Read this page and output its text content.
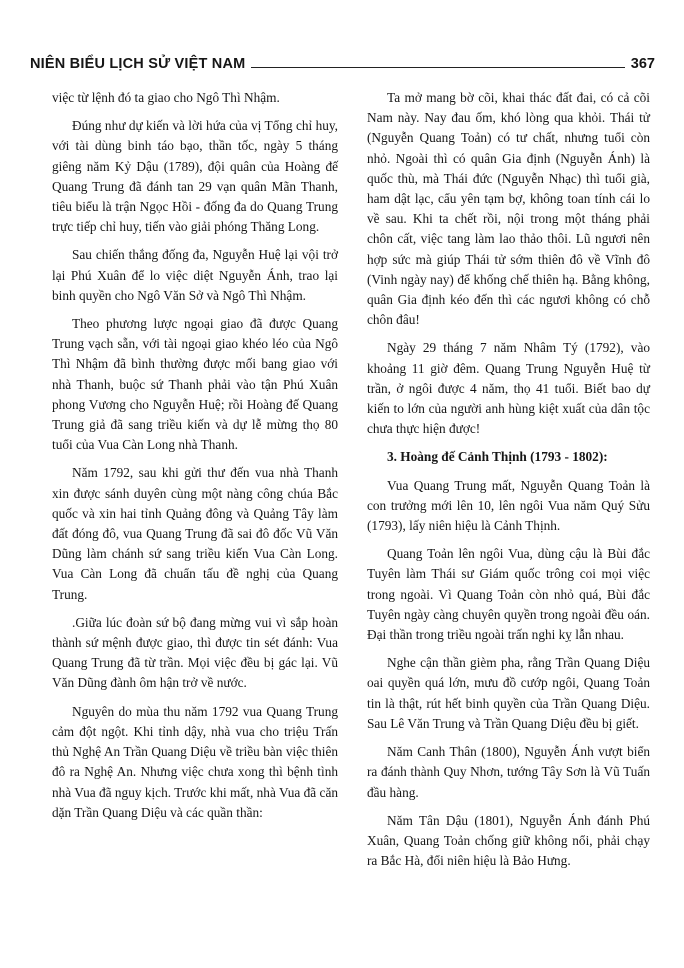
NIÊN BIỂU LỊCH SỬ VIỆT NAM	367

việc từ lệnh đó ta giao cho Ngô Thì Nhậm.

Đúng như dự kiến và lời hứa của vị Tổng chỉ huy, với tài dùng binh táo bạo, thần tốc, ngày 5 tháng giêng năm Kỷ Dậu (1789), đội quân của Hoàng đế Quang Trung đã đánh tan 29 vạn quân Mãn Thanh, tiêu biểu là trận Ngọc Hồi - đống đa do Quang Trung trực tiếp chỉ huy, tiến vào giải phóng Thăng Long.

Sau chiến thắng đống đa, Nguyễn Huệ lại vội trở lại Phú Xuân để lo việc diệt Nguyễn Ánh, trao lại binh quyền cho Ngô Văn Sở và Ngô Thì Nhậm.

Theo phương lược ngoại giao đã được Quang Trung vạch sẵn, với tài ngoại giao khéo léo của Ngô Thì Nhậm đã bình thường được mối bang giao với nhà Thanh, buộc sứ Thanh phải vào tận Phú Xuân phong Vương cho Nguyễn Huệ; rồi Hoàng đế Quang Trung giả đã sang triều kiến và dự lễ mừng thọ 80 tuổi của Vua Càn Long nhà Thanh.

Năm 1792, sau khi gửi thư đến vua nhà Thanh xin được sánh duyên cùng một nàng công chúa Bắc quốc và xin hai tỉnh Quảng đông và Quảng Tây làm đất đóng đô, vua Quang Trung đã sai đô đốc Vũ Văn Dũng làm chánh sứ sang triều kiến Vua Càn Long. Vua Càn Long đã chuẩn tấu đề nghị của Quang Trung.

.Giữa lúc đoàn sứ bộ đang mừng vui vì sắp hoàn thành sứ mệnh được giao, thì được tin sét đánh: Vua Quang Trung đã từ trần. Mọi việc đều bị gác lại. Vũ Văn Dũng đành ôm hận trở về nước.

Nguyên do mùa thu năm 1792 vua Quang Trung cảm đột ngột. Khi tỉnh dậy, nhà vua cho triệu Trấn thủ Nghệ An Trần Quang Diệu về triều bàn việc thiên đô ra Nghệ An. Nhưng việc chưa xong thì bệnh tình nhà Vua đã nguy kịch. Trước khi mất, nhà Vua đã căn dặn Trần Quang Diệu và các quần thần:

Ta mở mang bờ cõi, khai thác đất đai, có cả cõi Nam này. Nay đau ốm, khó lòng qua khỏi. Thái tử (Nguyễn Quang Toản) có tư chất, nhưng tuổi còn nhỏ. Ngoài thì có quân Gia định (Nguyễn Ánh) là quốc thù, mà Thái đức (Nguyễn Nhạc) thì tuổi già, ham dật lạc, cẩu yên tạm bợ, không toan tính cái lo về sau. Khi ta chết rồi, nội trong một tháng phải chôn cất, việc tang làm lao thảo thôi. Lũ ngươi nên hợp sức mà giúp Thái tử sớm thiên đô về Vĩnh đô (Vinh ngày nay) để khống chế thiên hạ. Bằng không, quân Gia định kéo đến thì các ngươi không có chỗ chôn đâu!

Ngày 29 tháng 7 năm Nhâm Tý (1792), vào khoảng 11 giờ đêm. Quang Trung Nguyễn Huệ từ trần, ở ngôi được 4 năm, thọ 41 tuổi. Biết bao dự kiến to lớn của người anh hùng kiệt xuất của dân tộc chưa thực hiện được!

3. Hoàng đế Cảnh Thịnh (1793 - 1802):

Vua Quang Trung mất, Nguyễn Quang Toản là con trưởng mới lên 10, lên ngôi Vua năm Quý Sửu (1793), lấy niên hiệu là Cảnh Thịnh.

Quang Toản lên ngôi Vua, dùng cậu là Bùi đắc Tuyên làm Thái sư Giám quốc trông coi mọi việc trong ngoài. Vì Quang Toản còn nhỏ quá, Bùi đắc Tuyên ngày càng chuyên quyền trong ngoài đều oán. Đại thần trong triều ngoài trấn nghi kỵ lẫn nhau.

Nghe cận thần gièm pha, rằng Trần Quang Diệu oai quyền quá lớn, mưu đồ cướp ngôi, Quang Toản tin là thật, rút hết binh quyền của Trần Quang Diệu. Sau Lê Văn Trung và Trần Quang Diệu đều bị giết.

Năm Canh Thân (1800), Nguyễn Ánh vượt biển ra đánh thành Quy Nhơn, tướng Tây Sơn là Vũ Tuấn đầu hàng.

Năm Tân Dậu (1801), Nguyễn Ánh đánh Phú Xuân, Quang Toản chống giữ không nổi, phải chạy ra Bắc Hà, đổi niên hiệu là Bảo Hưng.
